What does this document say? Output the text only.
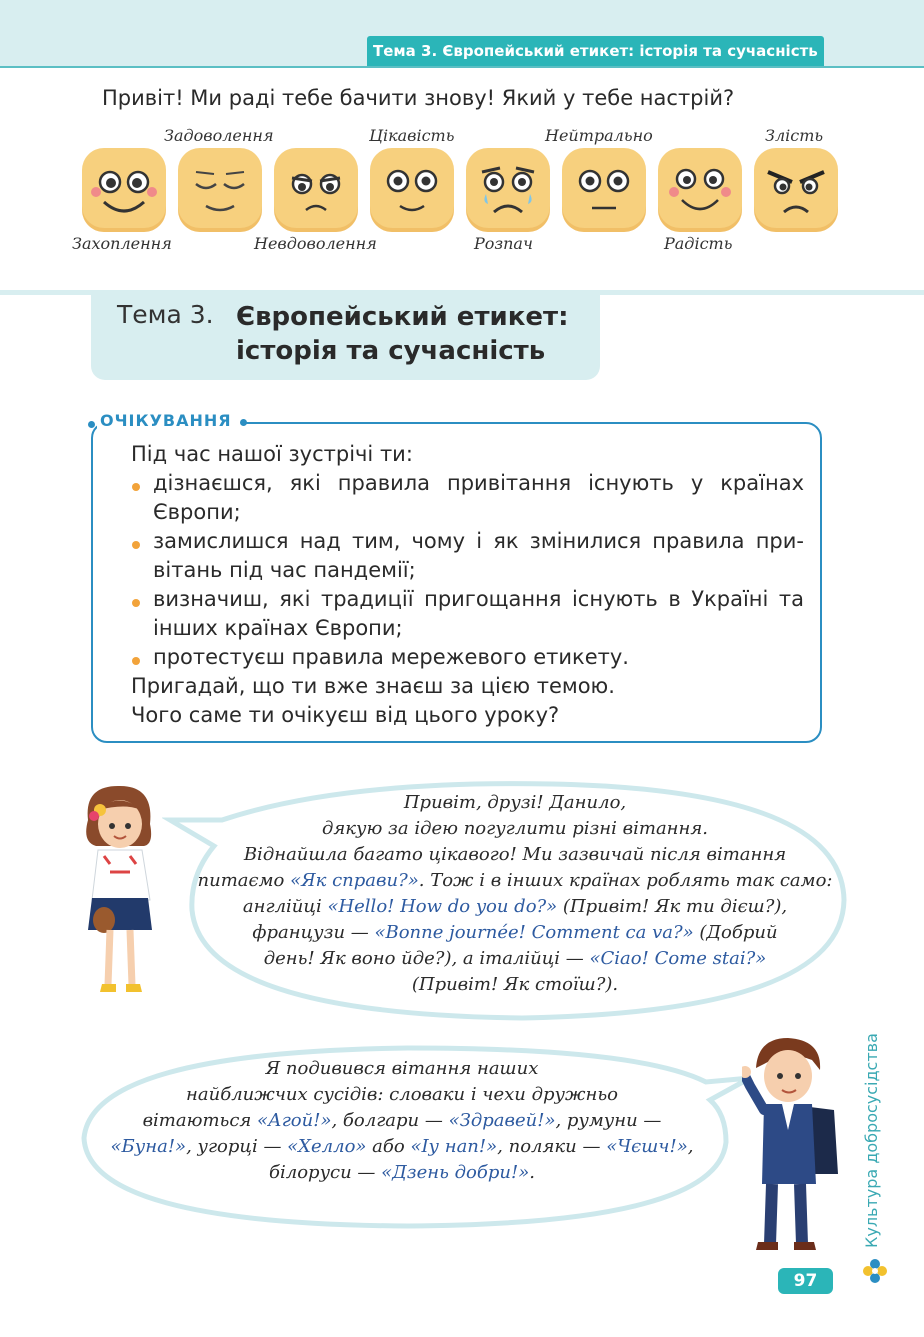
Тема 3. Європейський етикет: історія та сучасність
Привіт! Ми раді тебе бачити знову! Який у тебе настрій?
Задоволення	Цікавість	Нейтрально	Злість
Захоплення	Невдоволення	Розпач	Радість
Тема 3. Європейський етикет:
історія та сучасність
ОЧІКУВАННЯ

Під час нашої зустрічі ти:

дізнаєшся, які правила привітання існують у країнах Європи;

замислишся над тим, чому і як змінилися правила привітань під час пандемії;

визначиш, які традиції пригощання існують в Україні та інших країнах Європи;

протестуєш правила мережевого етикету.

Пригадай, що ти вже знаєш за цією темою.

Чого саме ти очікуєш від цього уроку?

Привіт, друзі! Данило,
дякую за ідею погуглити різні вітання.
Віднайшла багато цікавого! Ми зазвичай після вітання
питаємо «Як справи?». Тож і в інших країнах роблять так само:
англійці «Hello! How do you do?» (Привіт! Як ти дієш?),
французи — «Bonne journée! Comment ca va?» (Добрий
день! Як воно йде?), а італійці — «Ciao! Come stai?»
(Привіт! Як стоїш?).
Я подивився вітання наших
найближчих сусідів: словаки і чехи дружньо
вітаються «Агой!», болгари — «Здравей!», румуни —
«Буна!», угорці — «Хелло» або «Іу нап!», поляки — «Чєшч!»,
білоруси — «Дзень добри!».	Культура добросусідства
97
